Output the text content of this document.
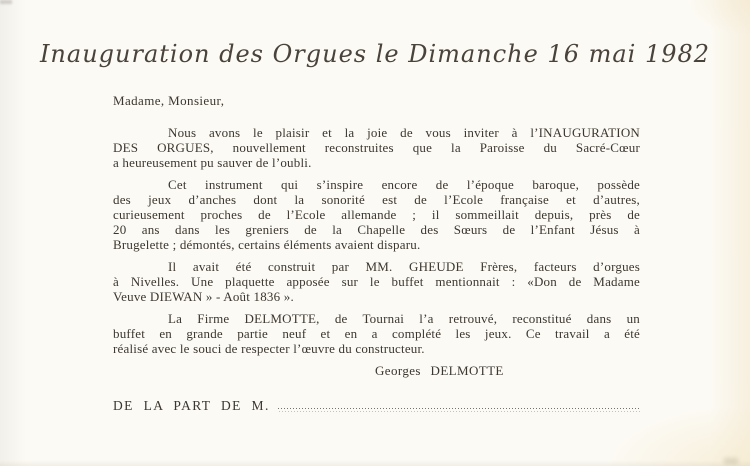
Inauguration des Orgues le Dimanche 16 mai 1982
Madame, Monsieur,
Nous avons le plaisir et la joie de vous inviter à l’INAUGURATION
DES ORGUES, nouvellement reconstruites que la Paroisse du Sacré-Cœur
a heureusement pu sauver de l’oubli.
Cet instrument qui s’inspire encore de l’époque baroque, possède
des jeux d’anches dont la sonorité est de l’Ecole française et d’autres,
curieusement proches de l’Ecole allemande ; il sommeillait depuis, près de
20 ans dans les greniers de la Chapelle des Sœurs de l’Enfant Jésus à
Brugelette ; démontés, certains éléments avaient disparu.
Il avait été construit par MM. GHEUDE Frères, facteurs d’orgues
à Nivelles. Une plaquette apposée sur le buffet mentionnait : «Don de Madame
Veuve DIEWAN » - Août 1836 ».
La Firme DELMOTTE, de Tournai l’a retrouvé, reconstitué dans un
buffet en grande partie neuf et en a complété les jeux. Ce travail a été
réalisé avec le souci de respecter l’œuvre du constructeur.
Georges DELMOTTE
DE LA PART DE M.
